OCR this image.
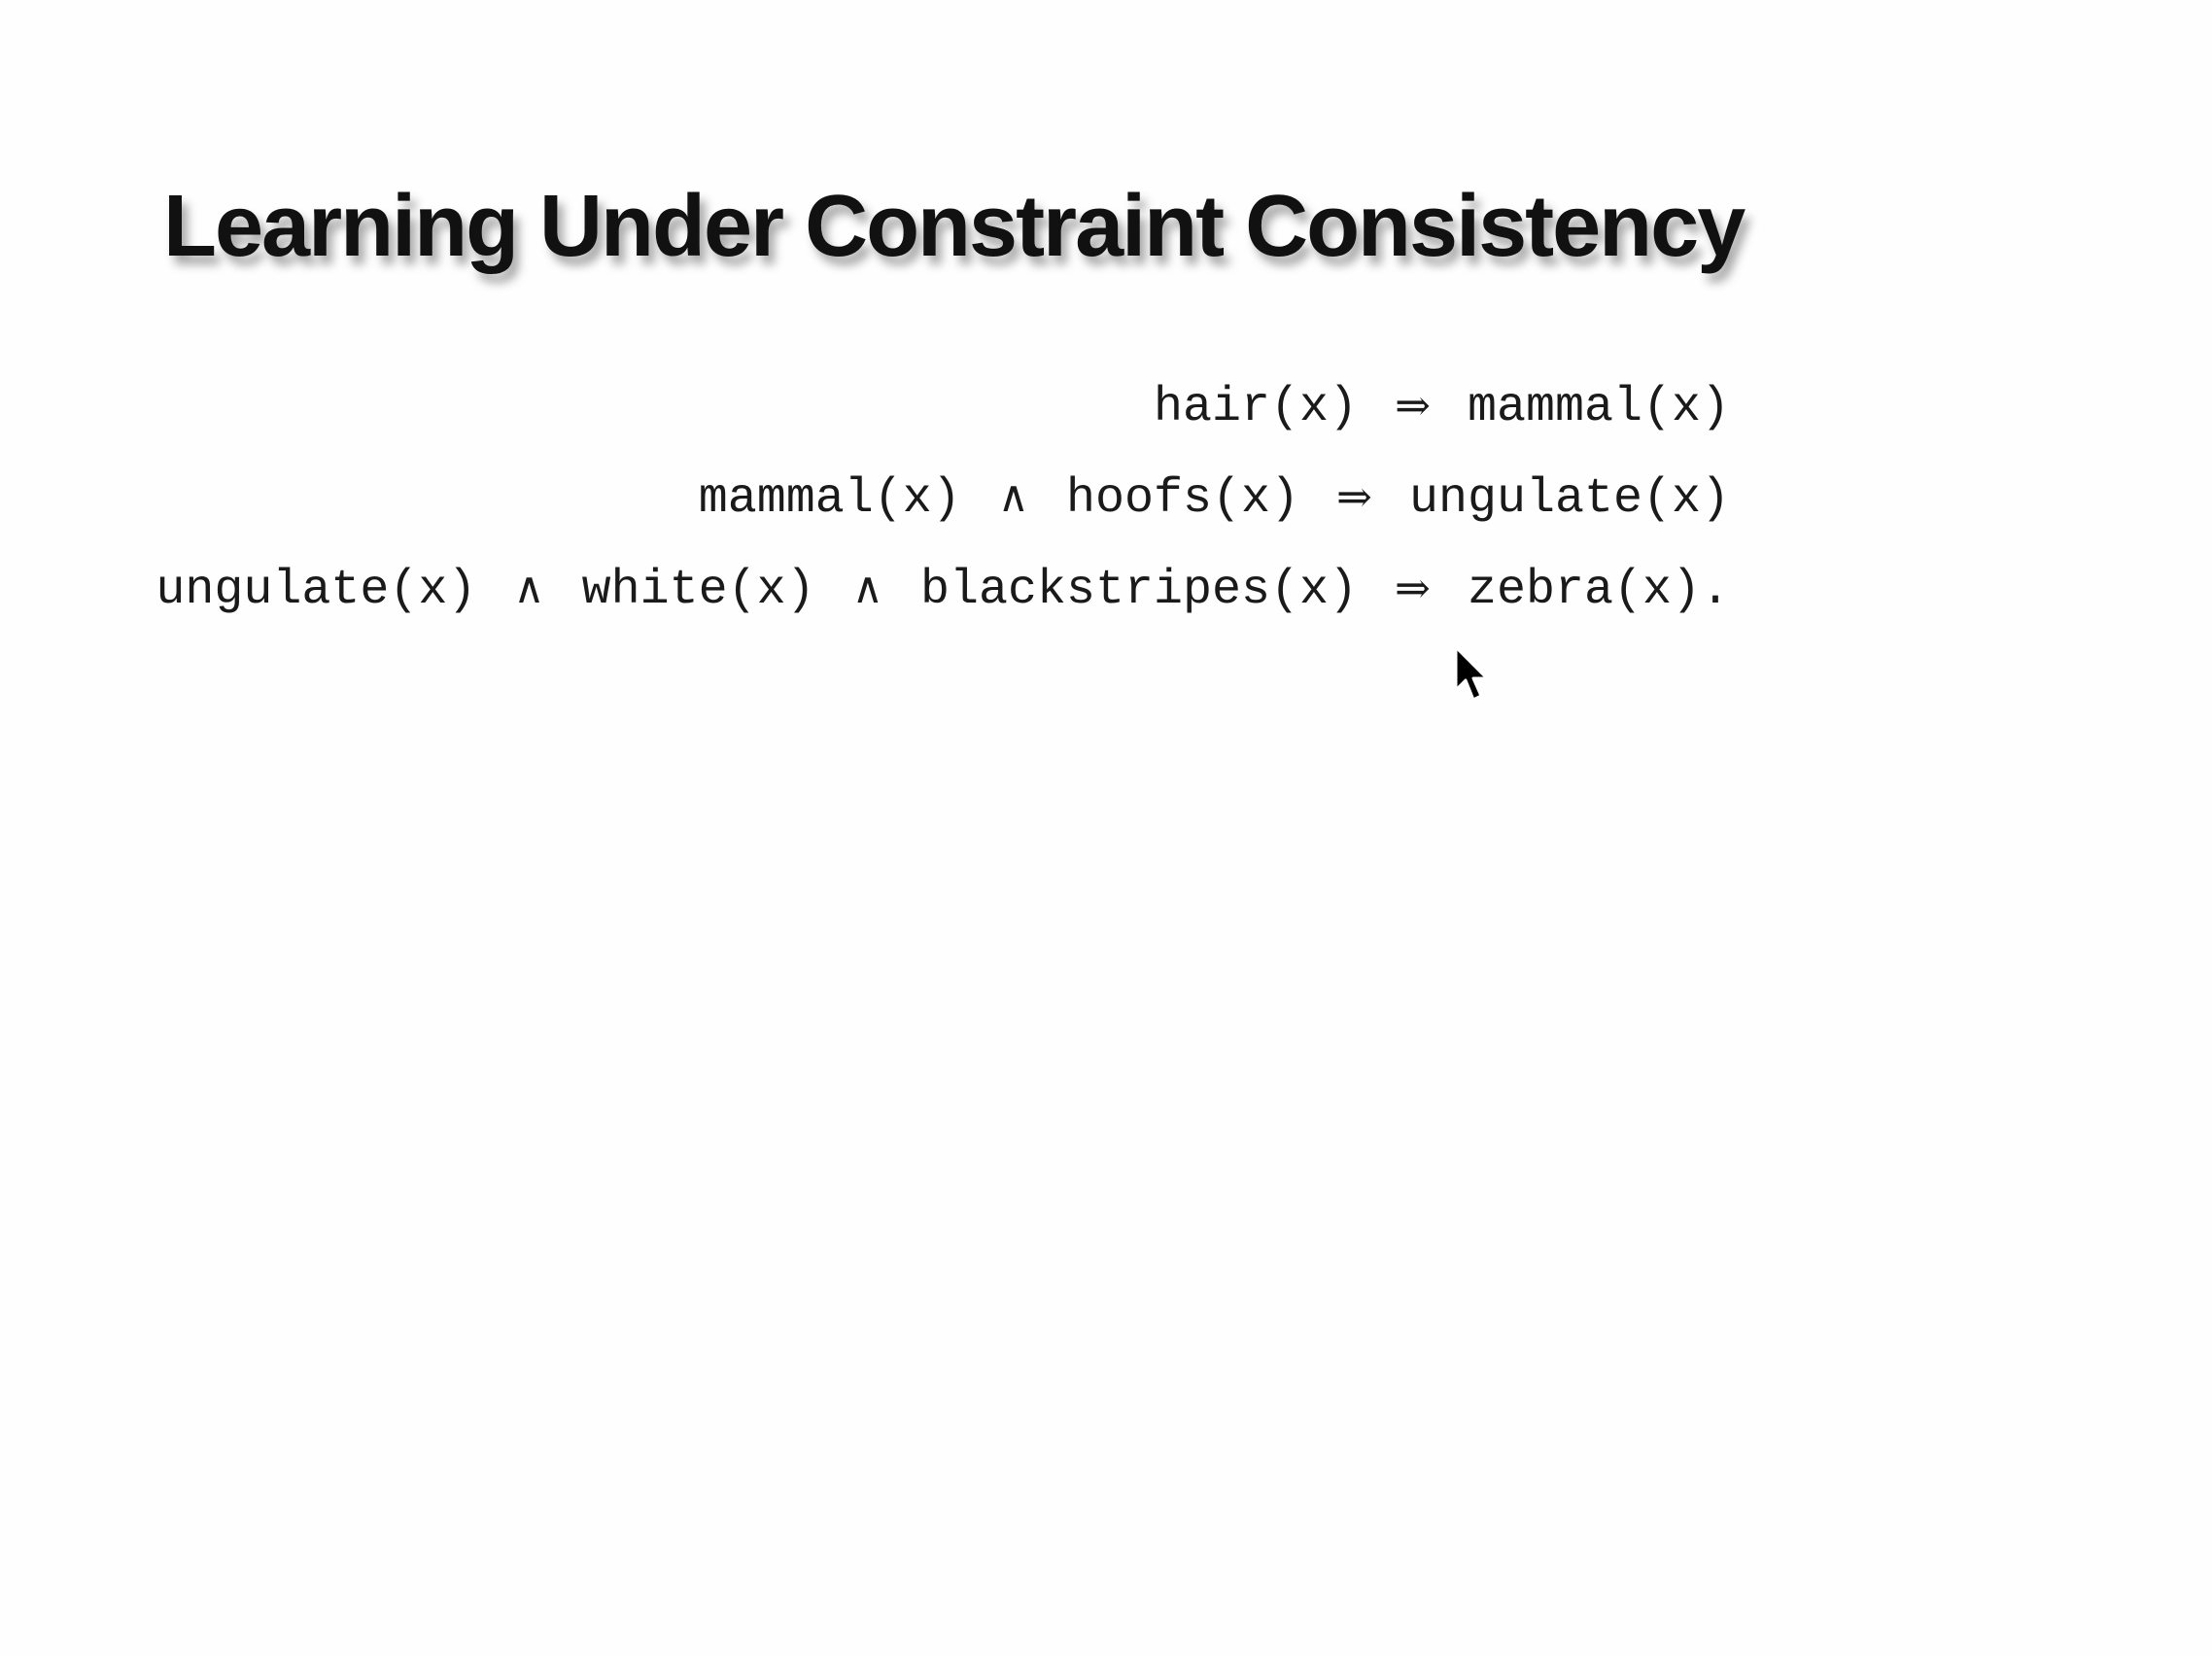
Learning Under Constraint Consistency
hair(x) ⇒ mammal(x)
mammal(x) ∧ hoofs(x) ⇒ ungulate(x)
ungulate(x) ∧ white(x) ∧ blackstripes(x) ⇒ zebra(x).
